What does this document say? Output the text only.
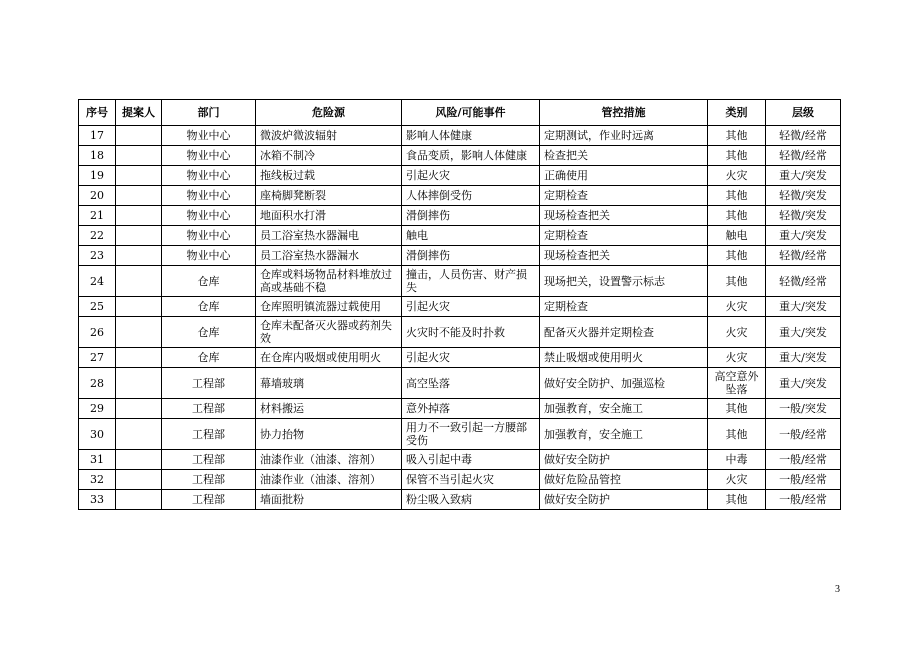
序号	提案人	部门	危险源	风险/可能事件	管控措施	类别	层级
17		物业中心	微波炉微波辐射	影响人体健康	定期测试，作业时远离	其他	轻微/经常
18		物业中心	冰箱不制冷	食品变质，影响人体健康	检查把关	其他	轻微/经常
19		物业中心	拖线板过载	引起火灾	正确使用	火灾	重大/突发
20		物业中心	座椅脚凳断裂	人体摔倒受伤	定期检查	其他	轻微/突发
21		物业中心	地面积水打滑	滑倒摔伤	现场检查把关	其他	轻微/突发
22		物业中心	员工浴室热水器漏电	触电	定期检查	触电	重大/突发
23		物业中心	员工浴室热水器漏水	滑倒摔伤	现场检查把关	其他	轻微/经常
24		仓库	仓库或料场物品材料堆放过高或基础不稳	撞击，人员伤害、财产损失	现场把关，设置警示标志	其他	轻微/经常
25		仓库	仓库照明镇流器过载使用	引起火灾	定期检查	火灾	重大/突发
26		仓库	仓库未配备灭火器或药剂失效	火灾时不能及时扑救	配备灭火器并定期检查	火灾	重大/突发
27		仓库	在仓库内吸烟或使用明火	引起火灾	禁止吸烟或使用明火	火灾	重大/突发
28		工程部	幕墙玻璃	高空坠落	做好安全防护、加强巡检	高空意外坠落	重大/突发
29		工程部	材料搬运	意外掉落	加强教育，安全施工	其他	一般/突发
30		工程部	协力抬物	用力不一致引起一方腰部受伤	加强教育，安全施工	其他	一般/经常
31		工程部	油漆作业（油漆、溶剂）	吸入引起中毒	做好安全防护	中毒	一般/经常
32		工程部	油漆作业（油漆、溶剂）	保管不当引起火灾	做好危险品管控	火灾	一般/经常
33		工程部	墙面批粉	粉尘吸入致病	做好安全防护	其他	一般/经常
3
